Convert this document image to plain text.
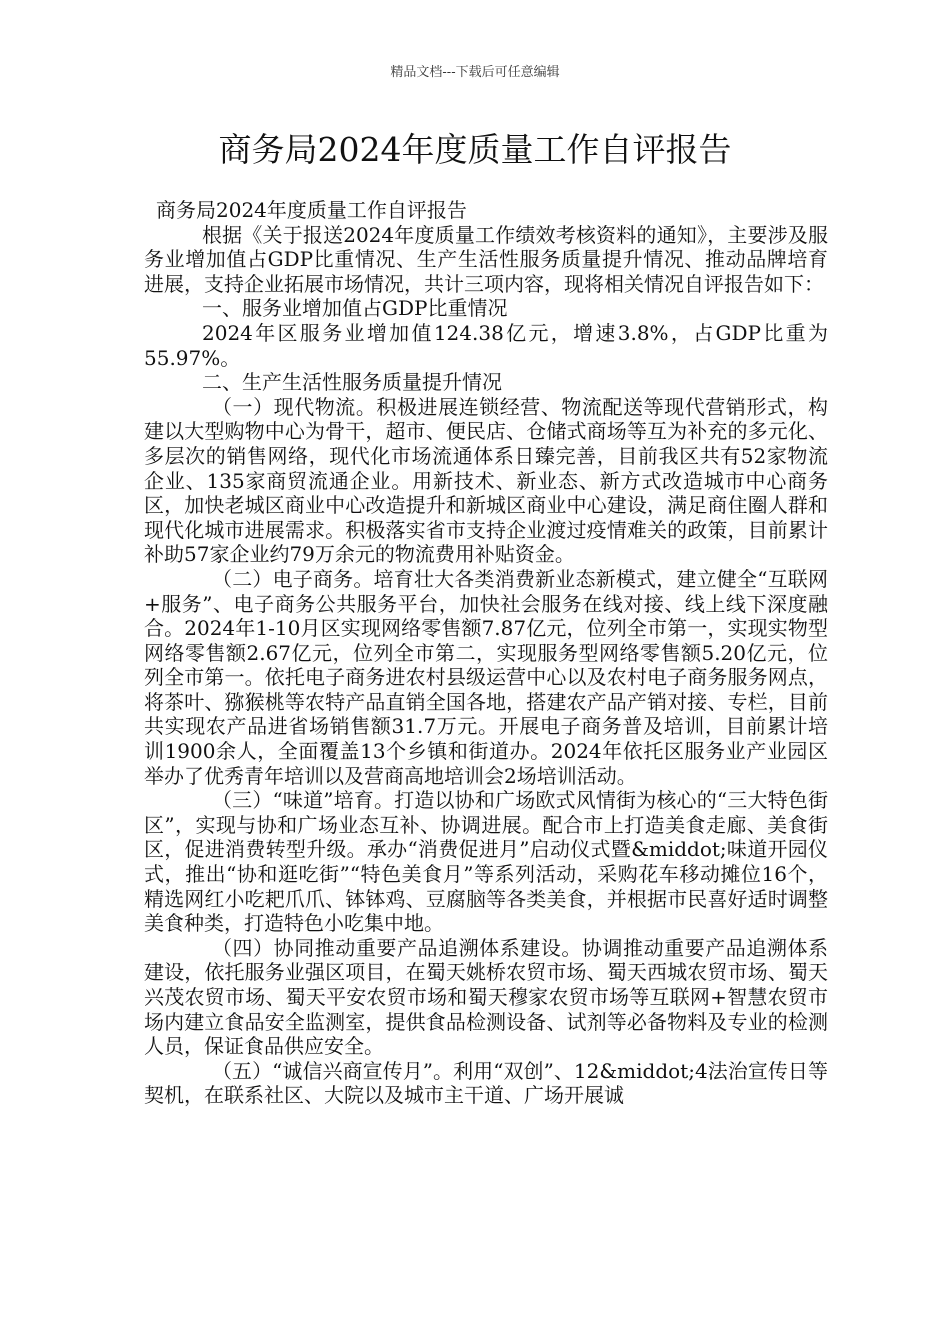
精品文档---下载后可任意编辑
商务局2024年度质量工作自评报告

商务局2024年度质量工作自评报告

根据《关于报送2024年度质量工作绩效考核资料的通知》，主要涉及服务业增加值占GDP比重情况、生产生活性服务质量提升情况、推动品牌培育进展，支持企业拓展市场情况，共计三项内容，现将相关情况自评报告如下：

一、服务业增加值占GDP比重情况

2024年区服务业增加值124.38亿元，增速3.8%，占GDP比重为55.97%。

二、生产生活性服务质量提升情况

（一）现代物流。积极进展连锁经营、物流配送等现代营销形式，构建以大型购物中心为骨干，超市、便民店、仓储式商场等互为补充的多元化、多层次的销售网络，现代化市场流通体系日臻完善，目前我区共有52家物流企业、135家商贸流通企业。用新技术、新业态、新方式改造城市中心商务区，加快老城区商业中心改造提升和新城区商业中心建设，满足商住圈人群和现代化城市进展需求。积极落实省市支持企业渡过疫情难关的政策，目前累计补助57家企业约79万余元的物流费用补贴资金。

（二）电子商务。培育壮大各类消费新业态新模式，建立健全“互联网+服务”、电子商务公共服务平台，加快社会服务在线对接、线上线下深度融合。2024年1-10月区实现网络零售额7.87亿元，位列全市第一，实现实物型网络零售额2.67亿元，位列全市第二，实现服务型网络零售额5.20亿元，位列全市第一。依托电子商务进农村县级运营中心以及农村电子商务服务网点，将茶叶、猕猴桃等农特产品直销全国各地，搭建农产品产销对接、专栏，目前共实现农产品进省场销售额31.7万元。开展电子商务普及培训，目前累计培训1900余人，全面覆盖13个乡镇和街道办。2024年依托区服务业产业园区举办了优秀青年培训以及营商高地培训会2场培训活动。

（三）“味道”培育。打造以协和广场欧式风情街为核心的“三大特色街区”，实现与协和广场业态互补、协调进展。配合市上打造美食走廊、美食街区，促进消费转型升级。承办“消费促进月”启动仪式暨&middot;味道开园仪式，推出“协和逛吃街”“特色美食月”等系列活动，采购花车移动摊位16个，精选网红小吃耙爪爪、钵钵鸡、豆腐脑等各类美食，并根据市民喜好适时调整美食种类，打造特色小吃集中地。

（四）协同推动重要产品追溯体系建设。协调推动重要产品追溯体系建设，依托服务业强区项目，在蜀天姚桥农贸市场、蜀天西城农贸市场、蜀天兴茂农贸市场、蜀天平安农贸市场和蜀天穆家农贸市场等互联网+智慧农贸市场内建立食品安全监测室，提供食品检测设备、试剂等必备物料及专业的检测人员，保证食品供应安全。

（五）“诚信兴商宣传月”。利用“双创”、12&middot;4法治宣传日等契机，在联系社区、大院以及城市主干道、广场开展诚
